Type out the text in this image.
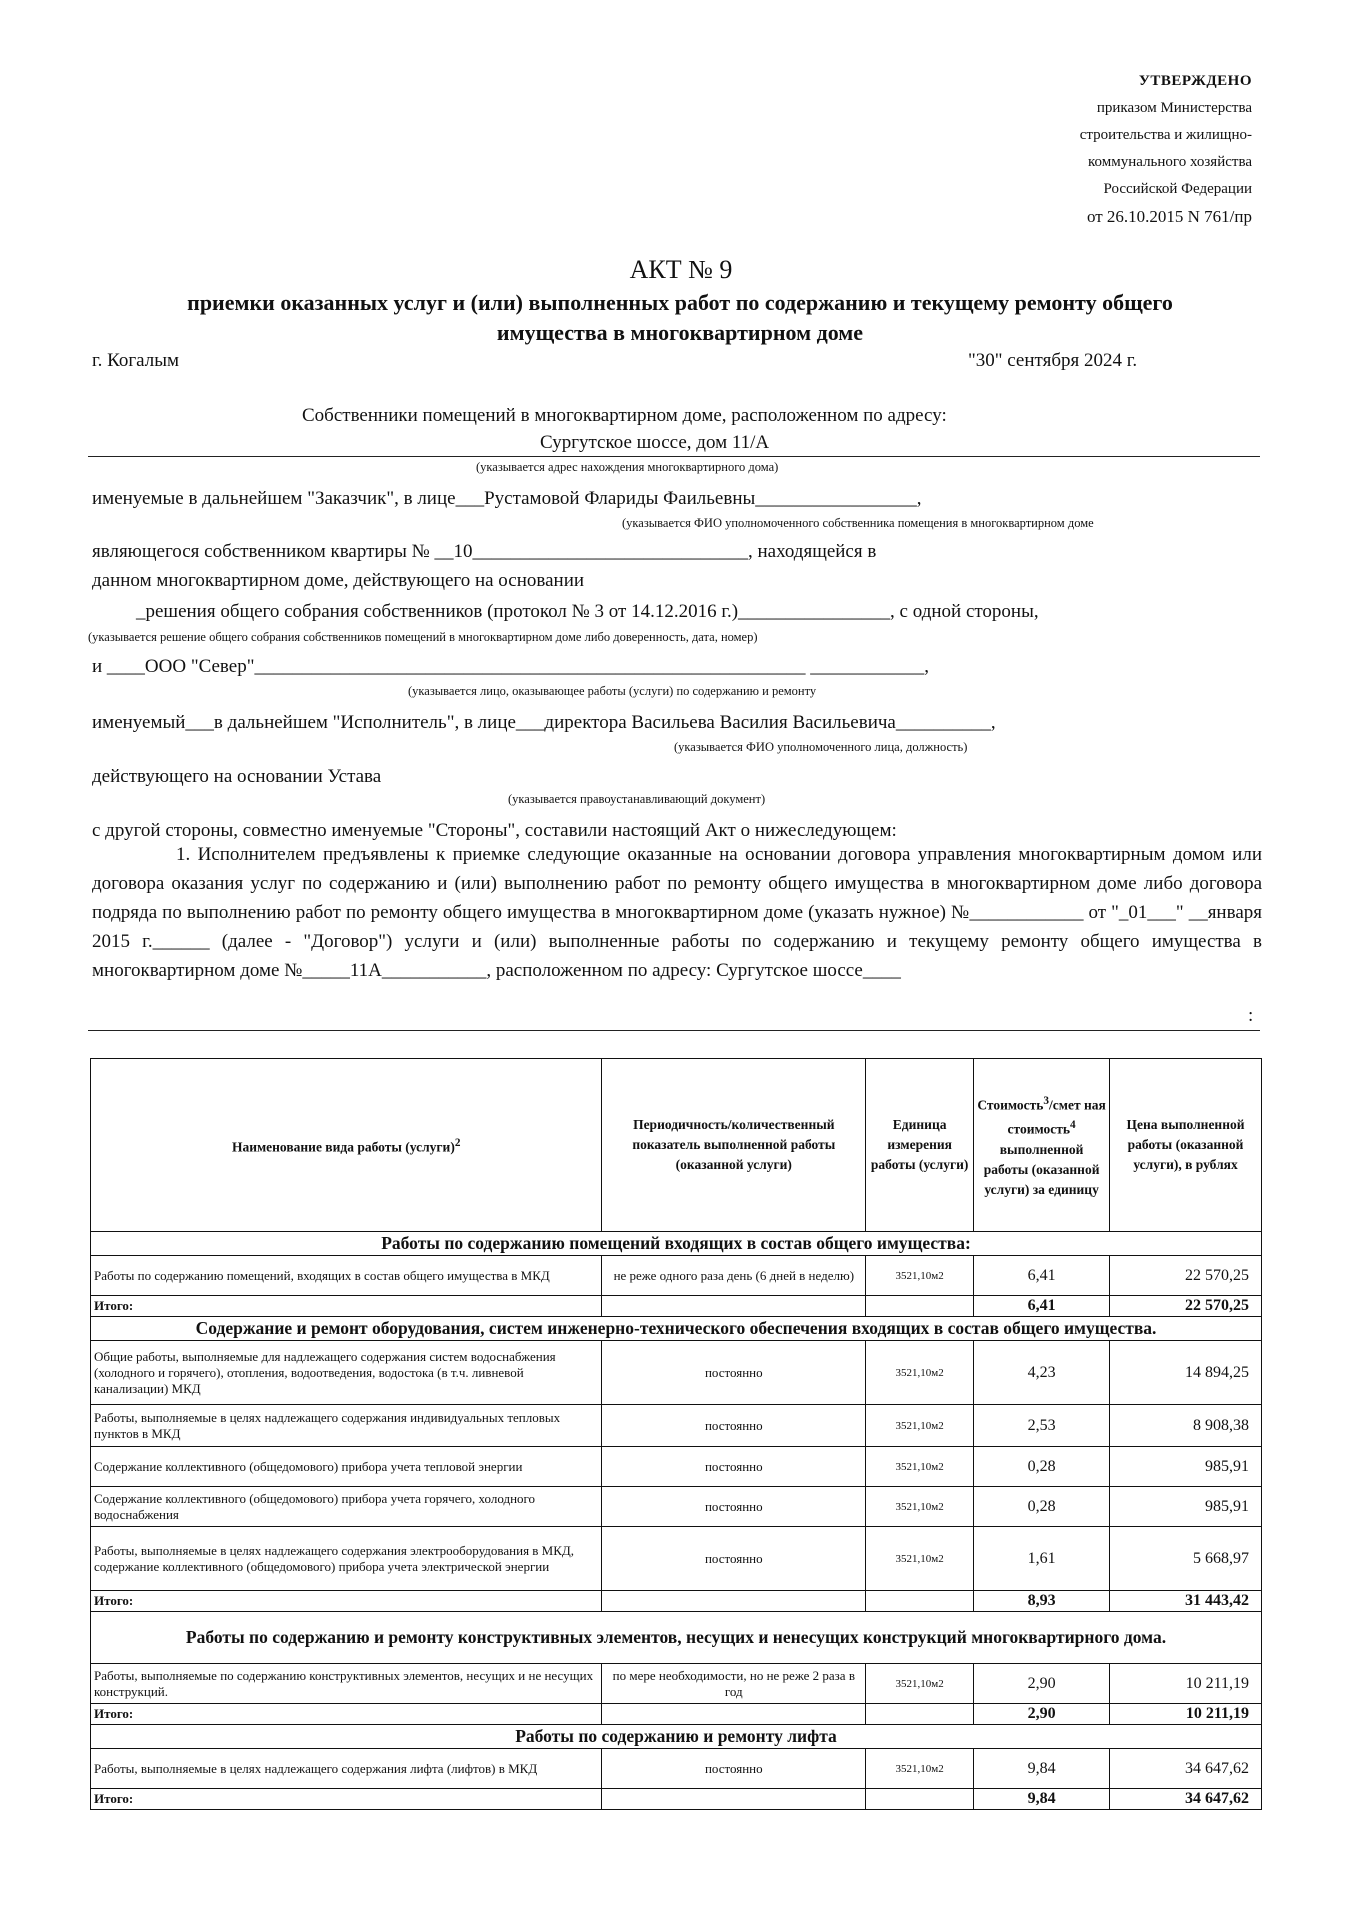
УТВЕРЖДЕНО
приказом Министерства
строительства и жилищно-
коммунального хозяйства
Российской Федерации
от 26.10.2015 N 761/пр
АКТ № 9
приемки оказанных услуг и (или) выполненных работ по содержанию и текущему ремонту общего
имущества в многоквартирном доме
г. Когалым	"30" сентября 2024 г.
Собственники помещений в многоквартирном доме, расположенном по адресу:
Сургутское шоссе, дом 11/А
(указывается адрес нахождения многоквартирного дома)
именуемые в дальнейшем "Заказчик", в лице___Рустамовой Флариды Фаильевны_________________,
(указывается ФИО уполномоченного собственника помещения в многоквартирном доме
являющегося собственником квартиры № __10_____________________________, находящейся в
данном многоквартирном доме, действующего на основании
_решения общего собрания собственников (протокол № 3 от 14.12.2016 г.)________________, с одной стороны,
(указывается решение общего собрания собственников помещений в многоквартирном доме либо доверенность, дата, номер)
и ____ООО "Север"__________________________________________________________ ____________,
(указывается лицо, оказывающее работы (услуги) по содержанию и ремонту
именуемый___в дальнейшем "Исполнитель", в лице___директора Васильева Василия Васильевича__________,
(указывается ФИО уполномоченного лица, должность)
действующего на основании Устава
(указывается правоустанавливающий документ)
с другой стороны, совместно именуемые "Стороны", составили настоящий Акт о нижеследующем:
1. Исполнителем предъявлены к приемке следующие оказанные на основании договора управления многоквартирным домом или договора оказания услуг по содержанию и (или) выполнению работ по ремонту общего имущества в многоквартирном доме либо договора подряда по выполнению работ по ремонту общего имущества в многоквартирном доме (указать нужное) №____________ от "_01___" __января 2015 г.______ (далее - "Договор") услуги и (или) выполненные работы по содержанию и текущему ремонту общего имущества в многоквартирном доме №_____11А___________, расположенном по адресу: Сургутское шоссе____
:
Наименование вида работы (услуги)$^2$	Периодичность/количественный показатель выполненной работы (оказанной услуги)	Единица измерения работы (услуги)	Стоимость$^3$/смет ная стоимость$^4$ выполненной работы (оказанной услуги) за единицу	Цена выполненной работы (оказанной услуги), в рублях
Работы по содержанию помещений входящих в состав общего имущества:				
Работы по содержанию помещений, входящих в состав общего имущества в МКД	не реже одного раза день (6 дней в неделю)	3521,10м2	6,41	22 570,25
Итого:			6,41	22 570,25
Содержание и ремонт оборудования, систем инженерно-технического обеспечения входящих в состав общего имущества.				
Общие работы, выполняемые для надлежащего содержания систем водоснабжения (холодного и горячего), отопления, водоотведения, водостока (в т.ч. ливневой канализации) МКД	постоянно	3521,10м2	4,23	14 894,25
Работы, выполняемые в целях надлежащего содержания индивидуальных тепловых пунктов в МКД	постоянно	3521,10м2	2,53	8 908,38
Содержание коллективного (общедомового) прибора учета тепловой энергии	постоянно	3521,10м2	0,28	985,91
Содержание коллективного (общедомового) прибора учета горячего, холодного водоснабжения	постоянно	3521,10м2	0,28	985,91
Работы, выполняемые в целях надлежащего содержания электрооборудования в МКД, содержание коллективного (общедомового) прибора учета электрической энергии	постоянно	3521,10м2	1,61	5 668,97
Итого:			8,93	31 443,42
Работы по содержанию и ремонту конструктивных элементов, несущих и ненесущих конструкций многоквартирного дома.				
Работы, выполняемые по содержанию конструктивных элементов, несущих и не несущих конструкций.	по мере необходимости, но не реже 2 раза в год	3521,10м2	2,90	10 211,19
Итого:			2,90	10 211,19
Работы по содержанию и ремонту лифта				
Работы, выполняемые в целях надлежащего содержания лифта (лифтов) в МКД	постоянно	3521,10м2	9,84	34 647,62
Итого:			9,84	34 647,62
